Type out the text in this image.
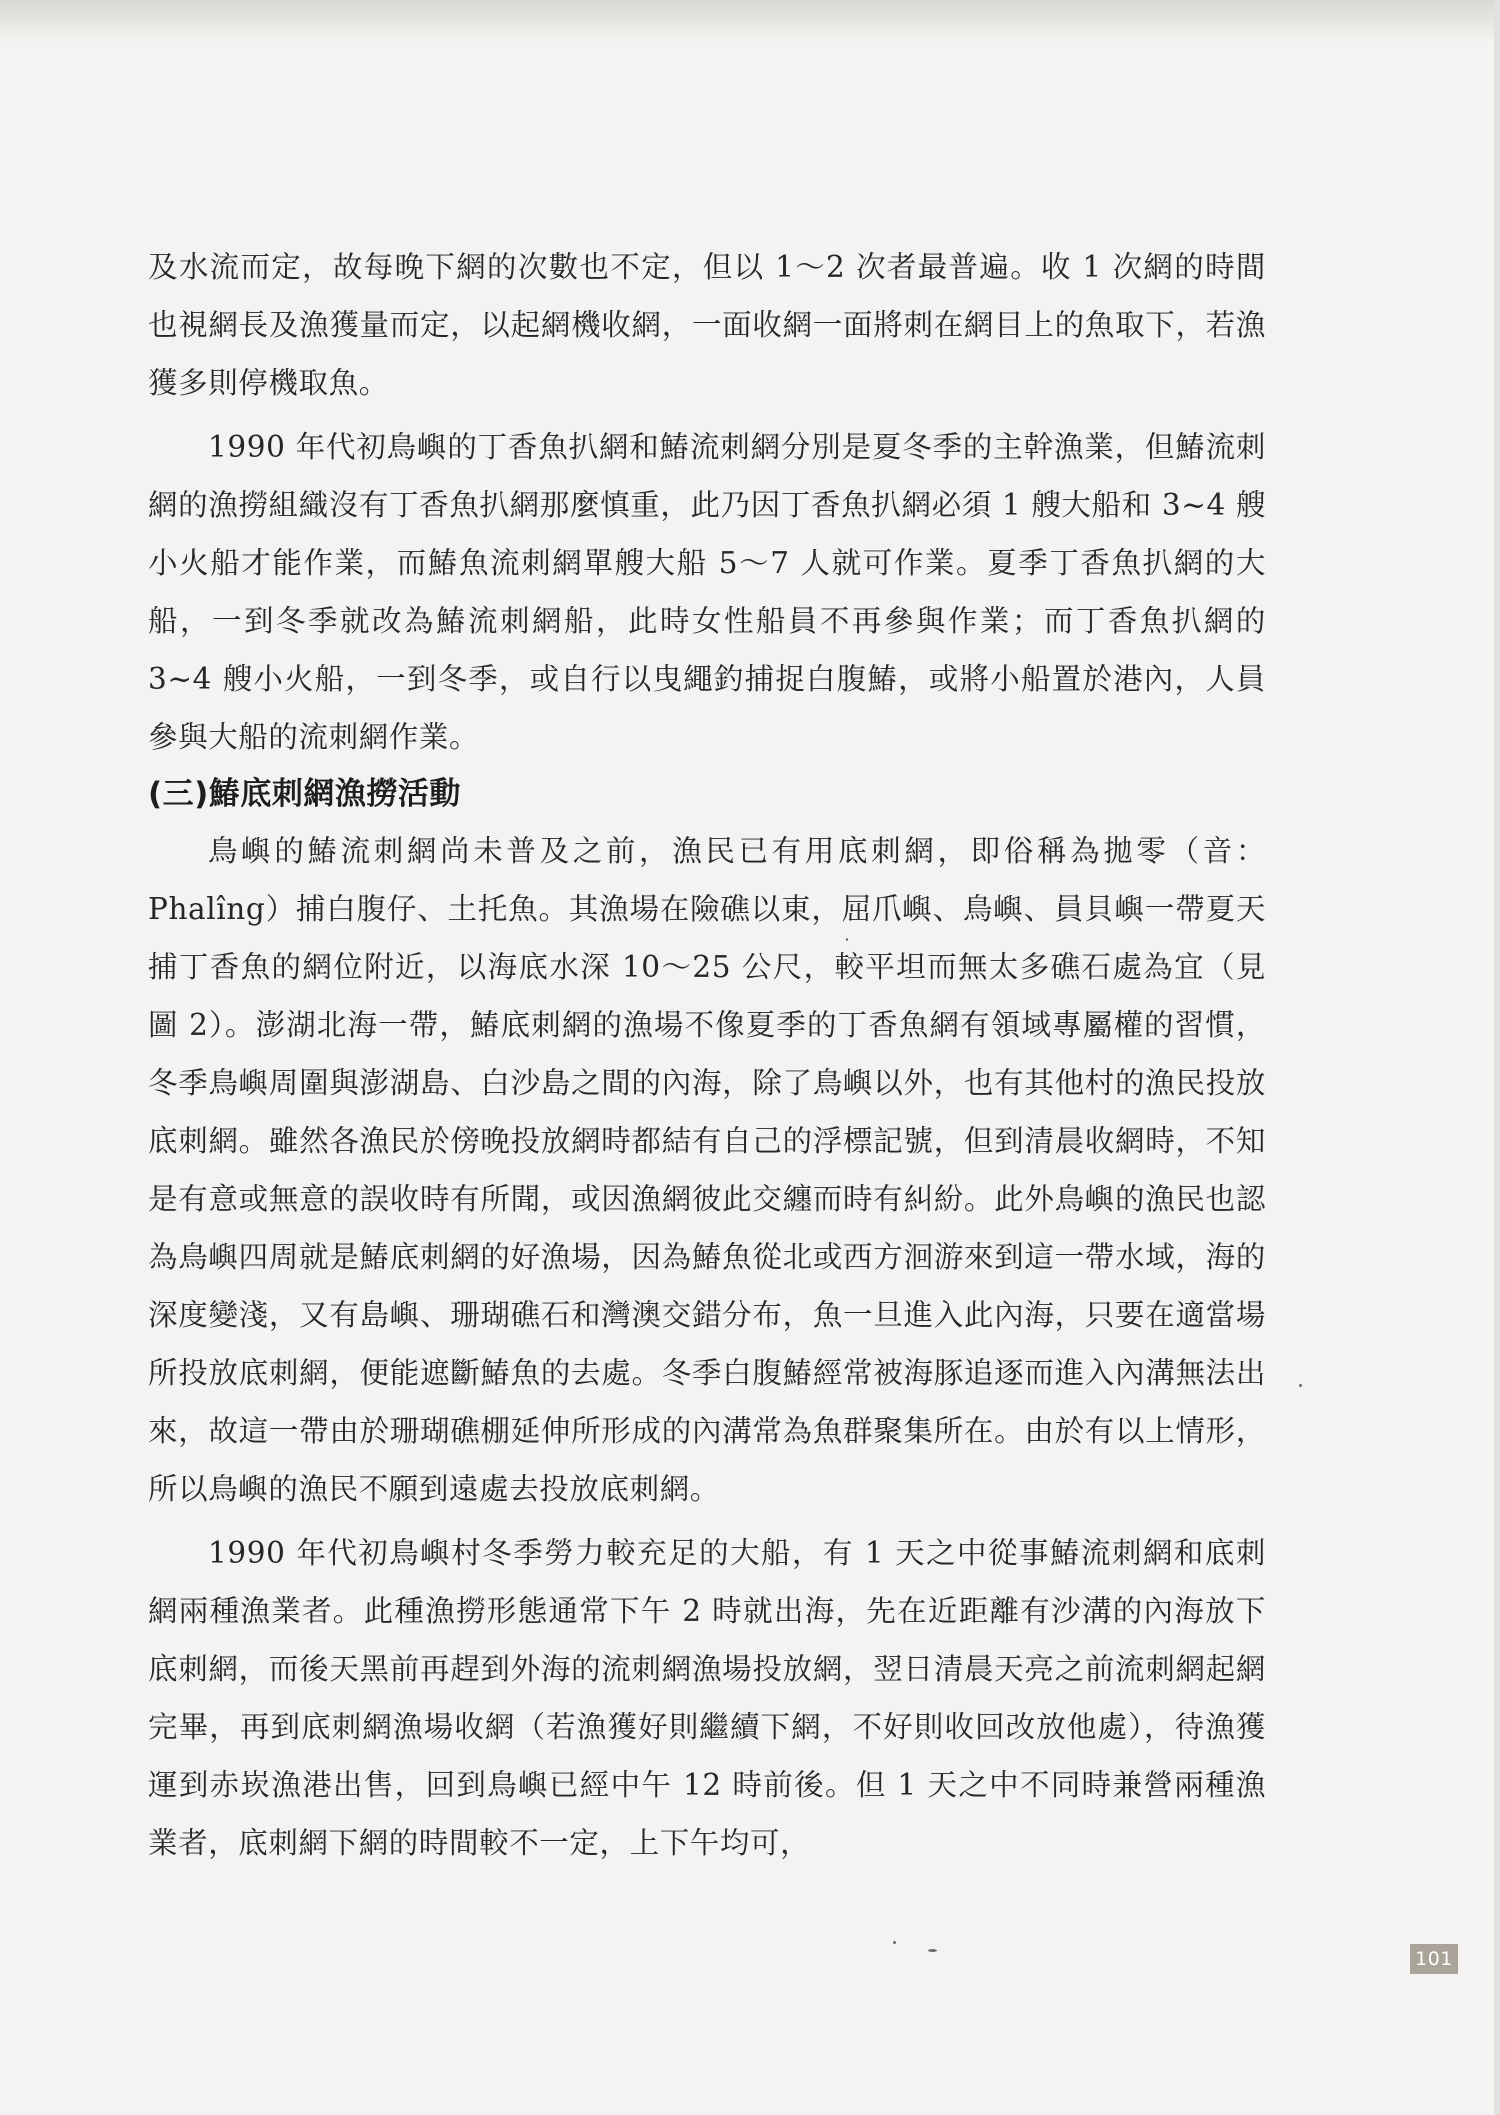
及水流而定，故每晚下網的次數也不定，但以 1～2 次者最普遍。收 1 次網的時間也視網長及漁獲量而定，以起網機收網，一面收網一面將刺在網目上的魚取下，若漁獲多則停機取魚。

1990 年代初鳥嶼的丁香魚扒網和鰆流刺網分別是夏冬季的主幹漁業，但鰆流刺網的漁撈組織沒有丁香魚扒網那麼慎重，此乃因丁香魚扒網必須 1 艘大船和 3~4 艘小火船才能作業，而鰆魚流刺網單艘大船 5～7 人就可作業。夏季丁香魚扒網的大船，一到冬季就改為鰆流刺網船，此時女性船員不再參與作業；而丁香魚扒網的 3~4 艘小火船，一到冬季，或自行以曳繩釣捕捉白腹鰆，或將小船置於港內，人員參與大船的流刺網作業。

(三)鰆底刺網漁撈活動

鳥嶼的鰆流刺網尚未普及之前，漁民已有用底刺網，即俗稱為拋零（音：Phalîng）捕白腹仔、土托魚。其漁場在險礁以東，屈爪嶼、鳥嶼、員貝嶼一帶夏天捕丁香魚的網位附近，以海底水深 10～25 公尺，較平坦而無太多礁石處為宜（見圖 2）。澎湖北海一帶，鰆底刺網的漁場不像夏季的丁香魚網有領域專屬權的習慣，冬季鳥嶼周圍與澎湖島、白沙島之間的內海，除了鳥嶼以外，也有其他村的漁民投放底刺網。雖然各漁民於傍晚投放網時都結有自己的浮標記號，但到清晨收網時，不知是有意或無意的誤收時有所聞，或因漁網彼此交纏而時有糾紛。此外鳥嶼的漁民也認為鳥嶼四周就是鰆底刺網的好漁場，因為鰆魚從北或西方洄游來到這一帶水域，海的深度變淺，又有島嶼、珊瑚礁石和灣澳交錯分布，魚一旦進入此內海，只要在適當場所投放底刺網，便能遮斷鰆魚的去處。冬季白腹鰆經常被海豚追逐而進入內溝無法出來，故這一帶由於珊瑚礁棚延伸所形成的內溝常為魚群聚集所在。由於有以上情形，所以鳥嶼的漁民不願到遠處去投放底刺網。

1990 年代初鳥嶼村冬季勞力較充足的大船，有 1 天之中從事鰆流刺網和底刺網兩種漁業者。此種漁撈形態通常下午 2 時就出海，先在近距離有沙溝的內海放下底刺網，而後天黑前再趕到外海的流刺網漁場投放網，翌日清晨天亮之前流刺網起網完畢，再到底刺網漁場收網（若漁獲好則繼續下網，不好則收回改放他處），待漁獲運到赤崁漁港出售，回到鳥嶼已經中午 12 時前後。但 1 天之中不同時兼營兩種漁業者，底刺網下網的時間較不一定，上下午均可，

101
